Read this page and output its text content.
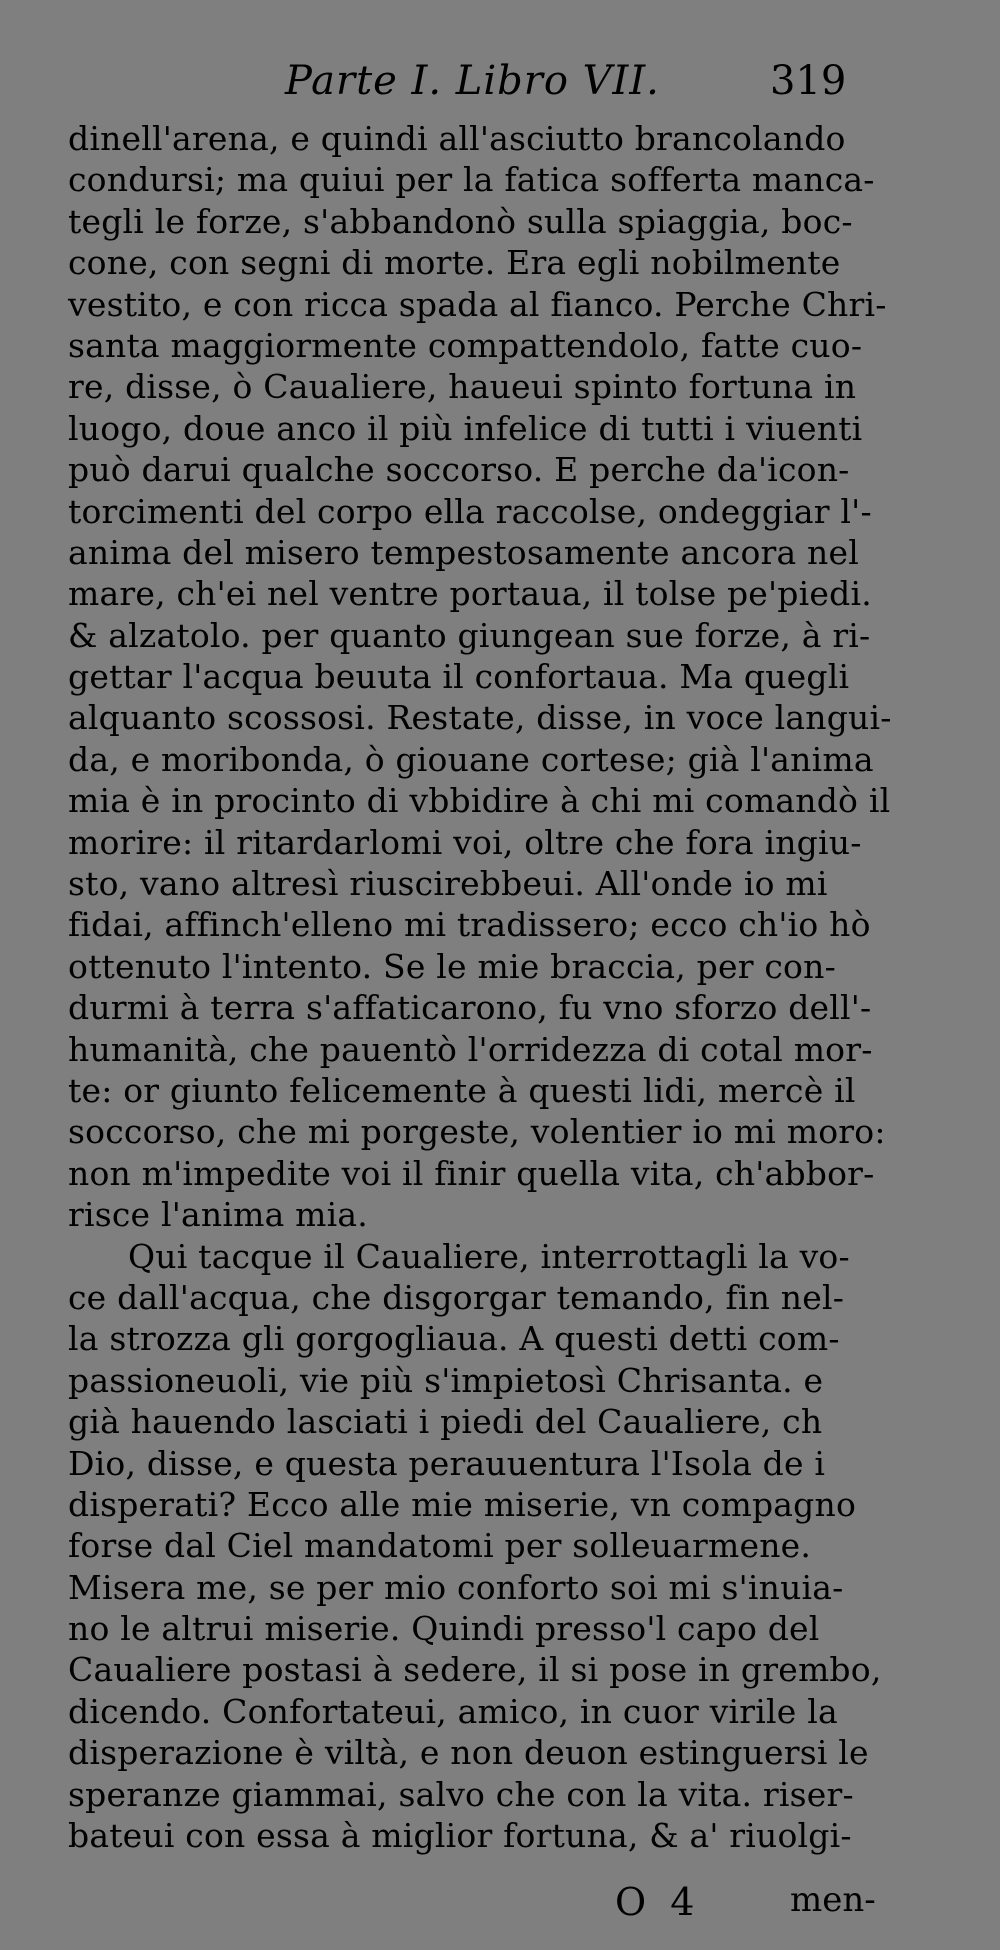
Parte I. Libro VII.	319
dinell'arena, e quindi all'asciutto brancolando
condursi; ma quiui per la fatica sofferta manca-
tegli le forze, s'abbandonò sulla spiaggia, boc-
cone, con segni di morte. Era egli nobilmente
vestito, e con ricca spada al fianco. Perche Chri-
santa maggiormente compattendolo, fatte cuo-
re, disse, ò Caualiere, haueui spinto fortuna in
luogo, doue anco il più infelice di tutti i viuenti
può darui qualche soccorso. E perche da'icon-
torcimenti del corpo ella raccolse, ondeggiar l'-
anima del misero tempestosamente ancora nel
mare, ch'ei nel ventre portaua, il tolse pe'piedi.
& alzatolo. per quanto giungean sue forze, à ri-
gettar l'acqua beuuta il confortaua. Ma quegli
alquanto scossosi. Restate, disse, in voce langui-
da, e moribonda, ò giouane cortese; già l'anima
mia è in procinto di vbbidire à chi mi comandò il
morire: il ritardarlomi voi, oltre che fora ingiu-
sto, vano altresì riuscirebbeui. All'onde io mi
fidai, affinch'elleno mi tradissero; ecco ch'io hò
ottenuto l'intento. Se le mie braccia, per con-
durmi à terra s'affaticarono, fu vno sforzo dell'-
humanità, che pauentò l'orridezza di cotal mor-
te: or giunto felicemente à questi lidi, mercè il
soccorso, che mi porgeste, volentier io mi moro:
non m'impedite voi il finir quella vita, ch'abbor-
risce l'anima mia.
Qui tacque il Caualiere, interrottagli la vo-
ce dall'acqua, che disgorgar temando, fin nel-
la strozza gli gorgogliaua. A questi detti com-
passioneuoli, vie più s'impietosì Chrisanta. e
già hauendo lasciati i piedi del Caualiere, ch
Dio, disse, e questa perauuentura l'Isola de i
disperati? Ecco alle mie miserie, vn compagno
forse dal Ciel mandatomi per solleuarmene.
Misera me, se per mio conforto soi mi s'inuia-
no le altrui miserie. Quindi presso'l capo del
Caualiere postasi à sedere, il si pose in grembo,
dicendo. Confortateui, amico, in cuor virile la
disperazione è viltà, e non deuon estinguersi le
speranze giammai, salvo che con la vita. riser-
bateui con essa à miglior fortuna, & a' riuolgi-
O 4	men-
